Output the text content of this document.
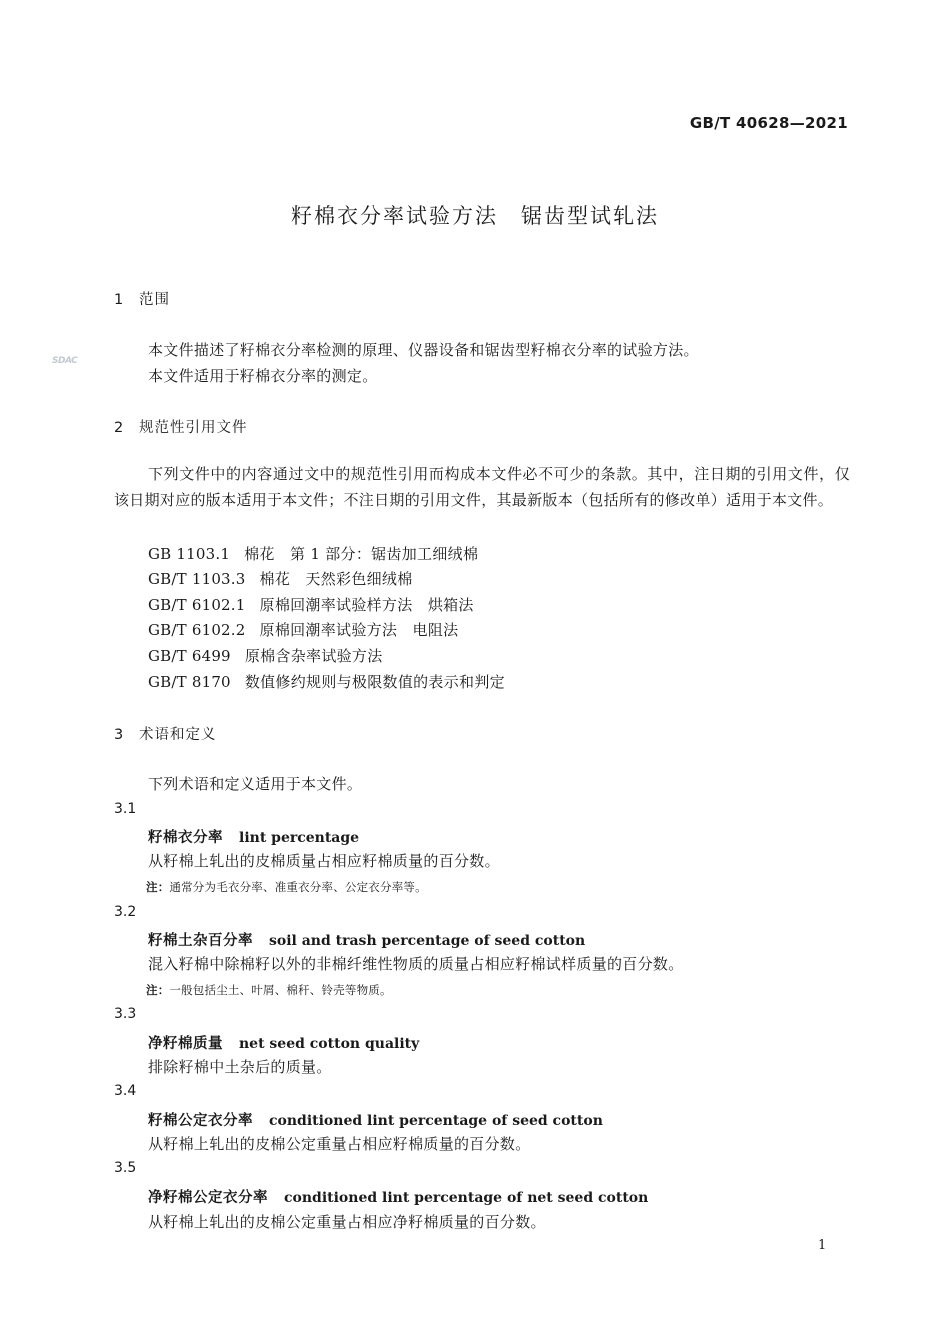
GB/T 40628—2021
籽棉衣分率试验方法　锯齿型试轧法
SDAC
1 范围
本文件描述了籽棉衣分率检测的原理、仪器设备和锯齿型籽棉衣分率的试验方法。
本文件适用于籽棉衣分率的测定。
2 规范性引用文件
下列文件中的内容通过文中的规范性引用而构成本文件必不可少的条款。其中，注日期的引用文件，仅该日期对应的版本适用于本文件；不注日期的引用文件，其最新版本（包括所有的修改单）适用于本文件。
GB 1103.1 棉花　第 1 部分：锯齿加工细绒棉
GB/T 1103.3 棉花　天然彩色细绒棉
GB/T 6102.1 原棉回潮率试验样方法　烘箱法
GB/T 6102.2 原棉回潮率试验方法　电阻法
GB/T 6499 原棉含杂率试验方法
GB/T 8170 数值修约规则与极限数值的表示和判定
3 术语和定义
下列术语和定义适用于本文件。
3.1
籽棉衣分率 lint percentage
从籽棉上轧出的皮棉质量占相应籽棉质量的百分数。
注：通常分为毛衣分率、准重衣分率、公定衣分率等。
3.2
籽棉土杂百分率 soil and trash percentage of seed cotton
混入籽棉中除棉籽以外的非棉纤维性物质的质量占相应籽棉试样质量的百分数。
注：一般包括尘土、叶屑、棉秆、铃壳等物质。
3.3
净籽棉质量 net seed cotton quality
排除籽棉中土杂后的质量。
3.4
籽棉公定衣分率 conditioned lint percentage of seed cotton
从籽棉上轧出的皮棉公定重量占相应籽棉质量的百分数。
3.5
净籽棉公定衣分率 conditioned lint percentage of net seed cotton
从籽棉上轧出的皮棉公定重量占相应净籽棉质量的百分数。
1
